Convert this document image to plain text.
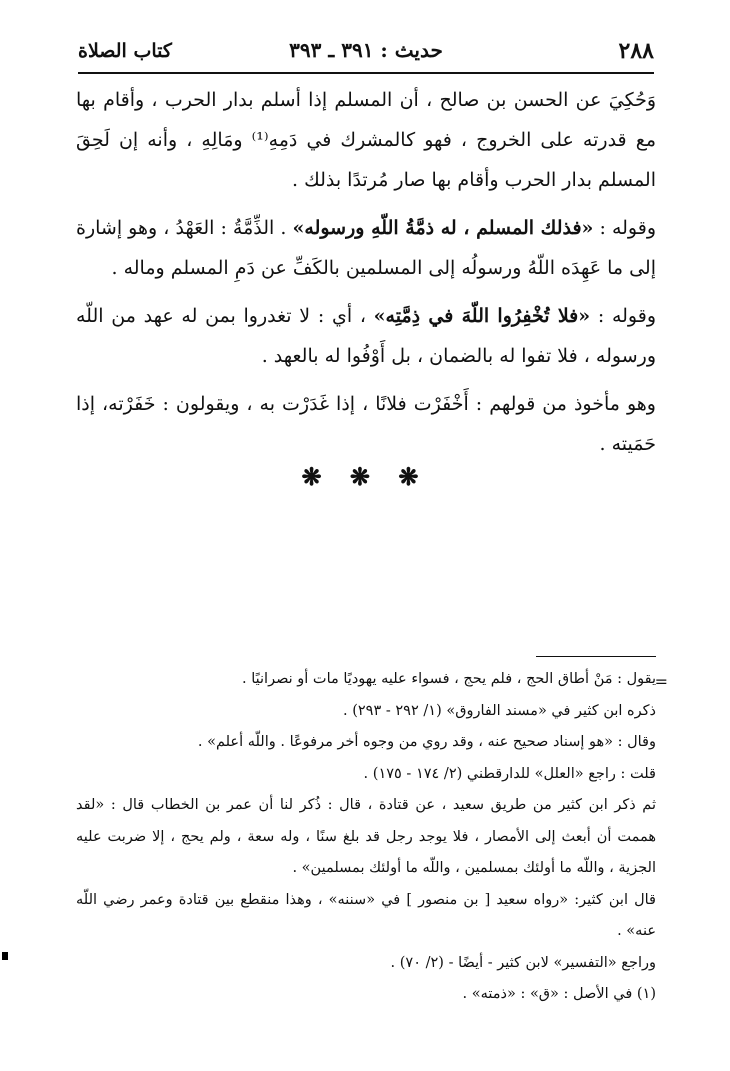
٢٨٨
حديث : ٣٩١ ـ ٣٩٣
كتاب الصلاة

وَحُكِيَ عن الحسن بن صالح ، أن المسلم إذا أسلم بدار الحرب ، وأقام بها مع قدرته على الخروج ، فهو كالمشرك في دَمِهِ⁽¹⁾ ومَالِهِ ، وأنه إن لَحِقَ المسلم بدار الحرب وأقام بها صار مُرتدًا بذلك .

وقوله : «فذلك المسلم ، له ذمَّةُ اللّهِ ورسوله» . الذِّمَّةُ : العَهْدُ ، وهو إشارة إلى ما عَهِدَه اللّهُ ورسولُه إلى المسلمين بالكَفِّ عن دَمِ المسلم وماله .

وقوله : «فلا تُخْفِرُوا اللّهَ في ذِمَّتِه» ، أي : لا تغدروا بمن له عهد من اللّه ورسوله ، فلا تفوا له بالضمان ، بل أَوْفُوا له بالعهد .

وهو مأخوذ من قولهم : أَخْفَرْت فلانًا ، إذا غَدَرْت به ، ويقولون : خَفَرْته، إذا حَمَيته .

❋ ❋ ❋
=

يقول : مَنْ أطاق الحج ، فلم يحج ، فسواء عليه يهوديًا مات أو نصرانيًا .

ذكره ابن كثير في «مسند الفاروق» (١/ ٢٩٢ - ٢٩٣) .

وقال : «هو إسناد صحيح عنه ، وقد روي من وجوه أخر مرفوعًا . واللّه أعلم» .

قلت : راجع «العلل» للدارقطني (٢/ ١٧٤ - ١٧٥) .

ثم ذكر ابن كثير من طريق سعيد ، عن قتادة ، قال : ذُكر لنا أن عمر بن الخطاب قال : «لقد هممت أن أبعث إلى الأمصار ، فلا يوجد رجل قد بلغ سنًا ، وله سعة ، ولم يحج ، إلا ضربت عليه الجزية ، واللّه ما أولئك بمسلمين ، واللّه ما أولئك بمسلمين» .

قال ابن كثير: «رواه سعيد [ بن منصور ] في «سننه» ، وهذا منقطع بين قتادة وعمر رضي اللّه عنه» .

وراجع «التفسير» لابن كثير - أيضًا - (٢/ ٧٠) .

(١) في الأصل : «ق» : «ذمته» .
